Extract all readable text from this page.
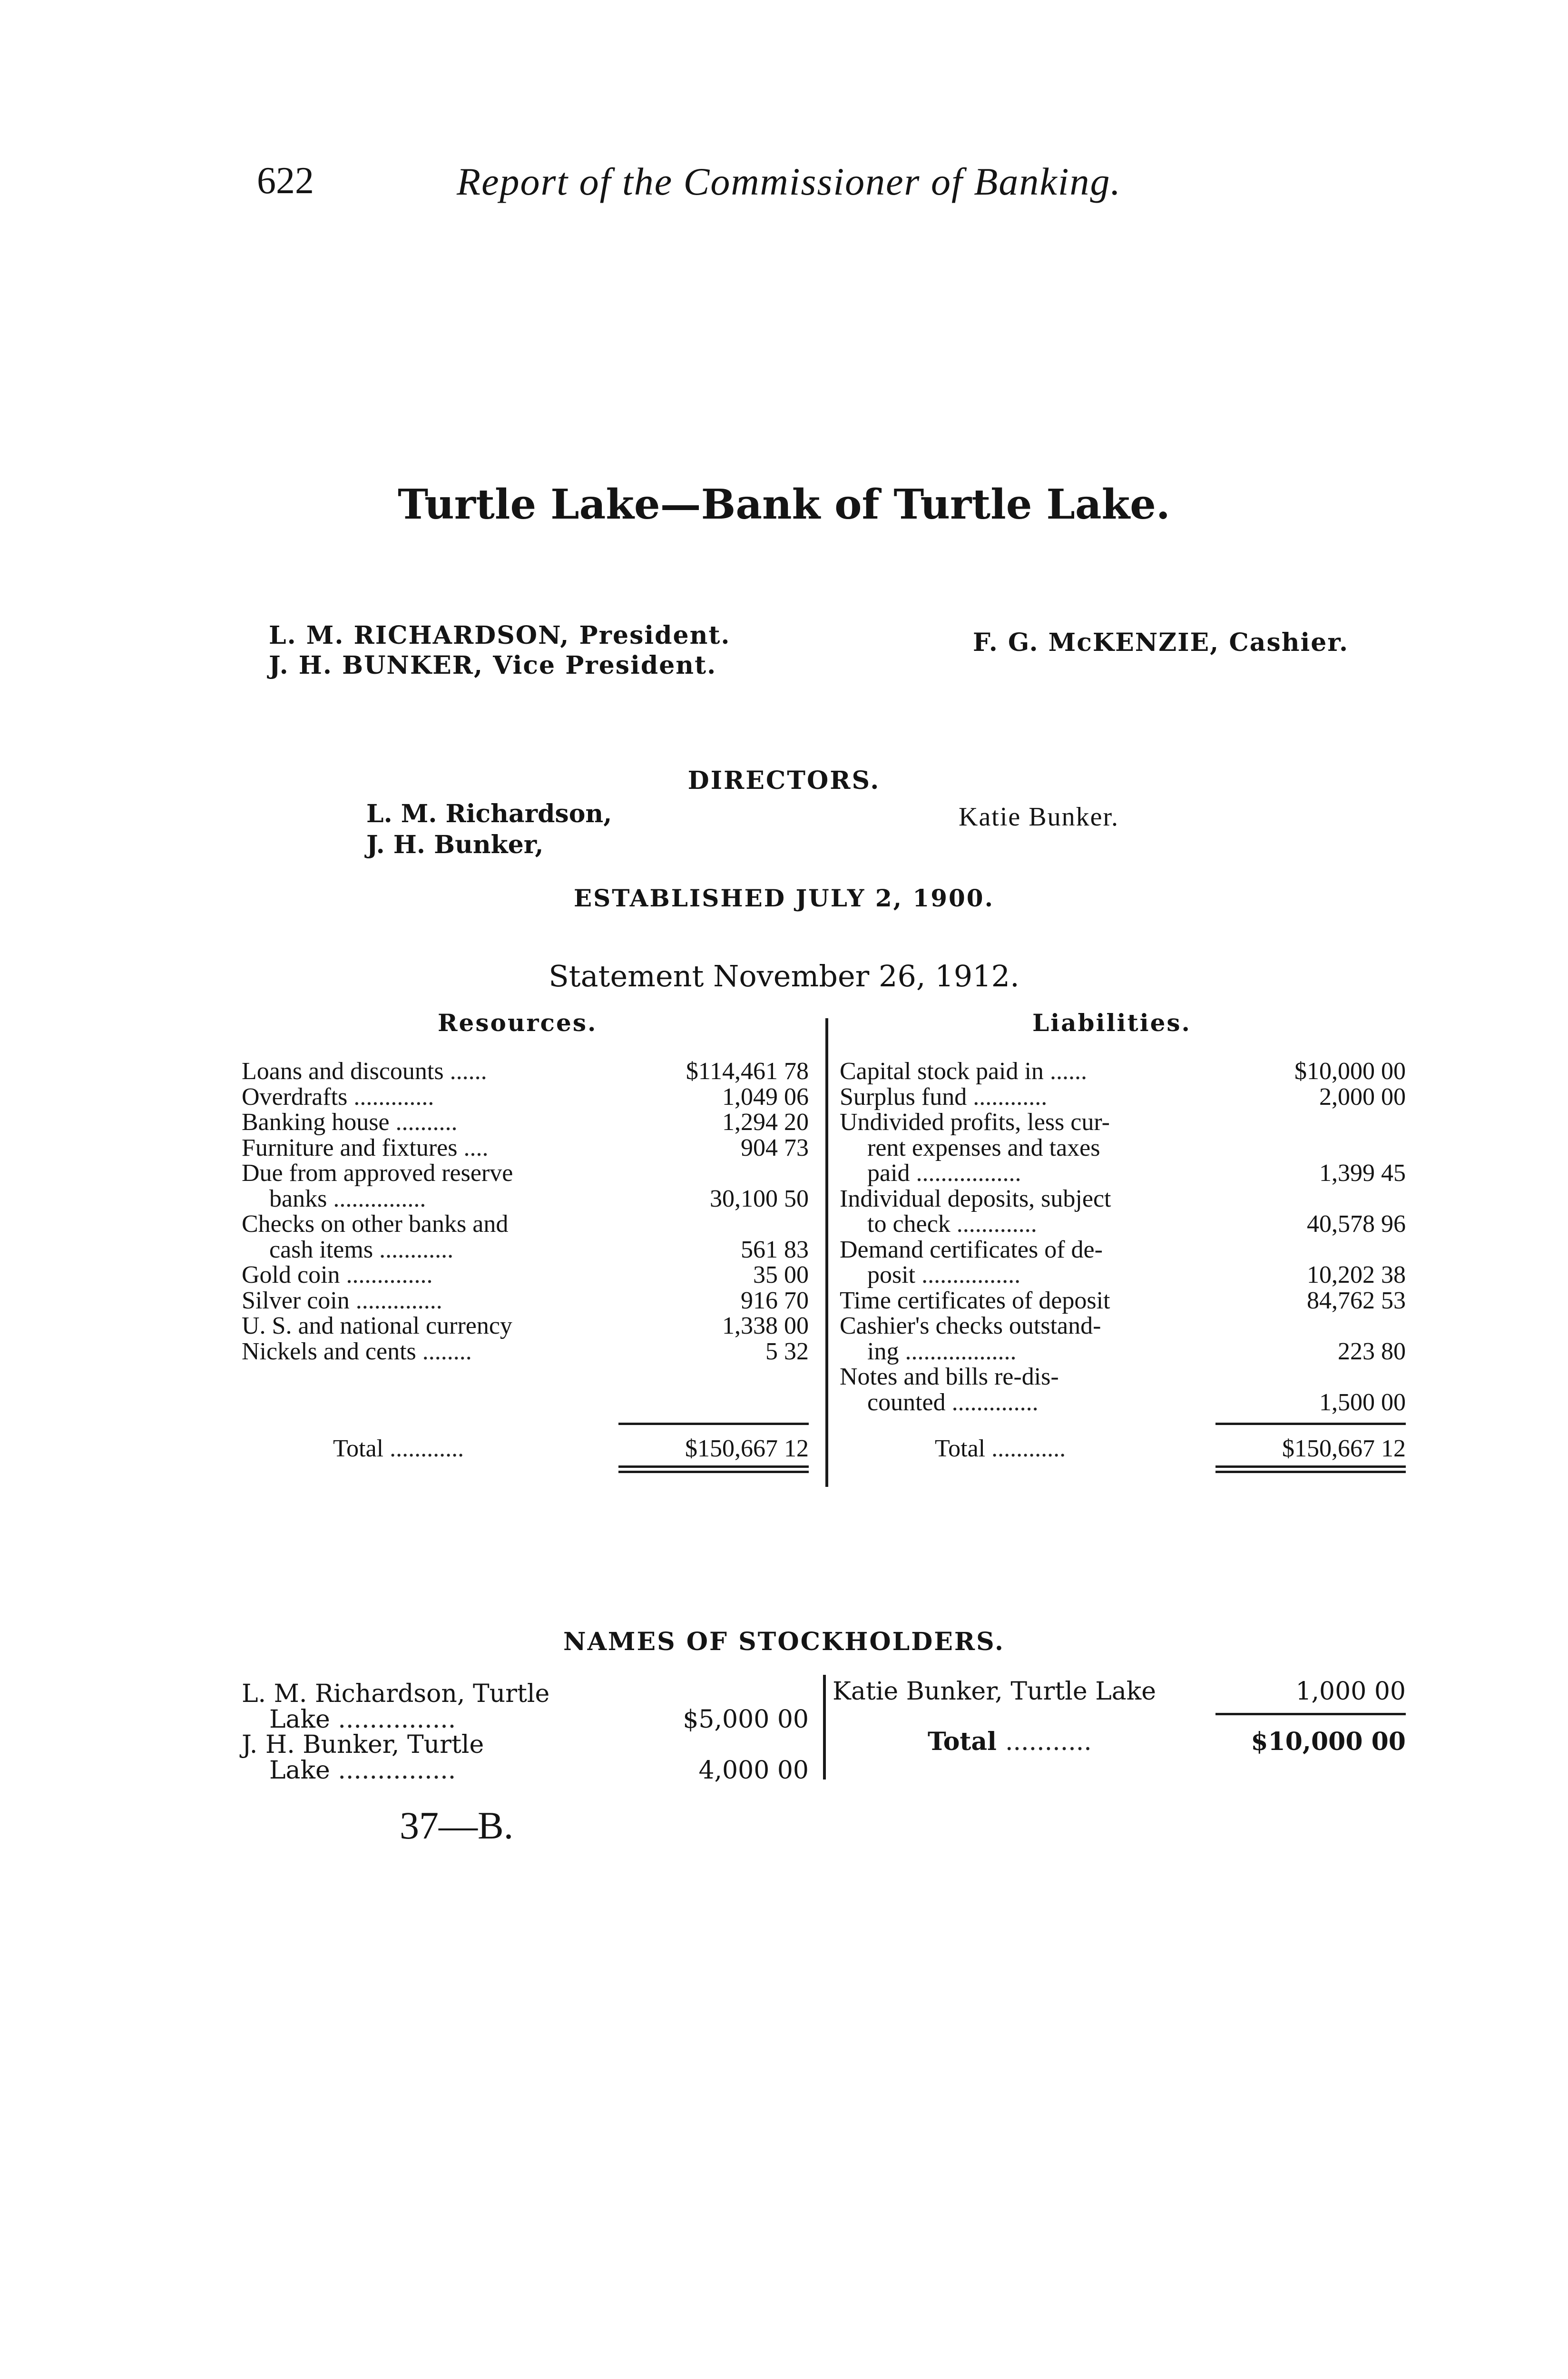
622	Report of the Commissioner of Banking.
Turtle Lake—Bank of Turtle Lake.
L. M. RICHARDSON, President.
J. H. BUNKER, Vice President.
F. G. McKENZIE, Cashier.
DIRECTORS.
L. M. Richardson,
J. H. Bunker,
Katie Bunker.
ESTABLISHED JULY 2, 1900.
Statement November 26, 1912.
Resources.	Liabilities.
Loans and discounts ......	$114,461 78
Overdrafts .............	1,049 06
Banking house ..........	1,294 20
Furniture and fixtures ....	904 73
Due from approved reserve
banks ...............	30,100 50
Checks on other banks and
cash items ............	561 83
Gold coin ..............	35 00
Silver coin ..............	916 70
U. S. and national currency	1,338 00
Nickels and cents ........	5 32
Capital stock paid in ......	$10,000 00
Surplus fund ............	2,000 00
Undivided profits, less cur-
rent expenses and taxes
paid .................	1,399 45
Individual deposits, subject
to check .............	40,578 96
Demand certificates of de-
posit ................	10,202 38
Time certificates of deposit	84,762 53
Cashier's checks outstand-
ing ..................	223 80
Notes and bills re-dis-
counted ..............	1,500 00
Total ............	$150,667 12	Total ............	$150,667 12
NAMES OF STOCKHOLDERS.
L. M. Richardson, Turtle
Lake ...............	$5,000 00
J. H. Bunker, Turtle
Lake ...............	4,000 00
Katie Bunker, Turtle Lake	1,000 00
Total ...........	$10,000 00
37—B.
